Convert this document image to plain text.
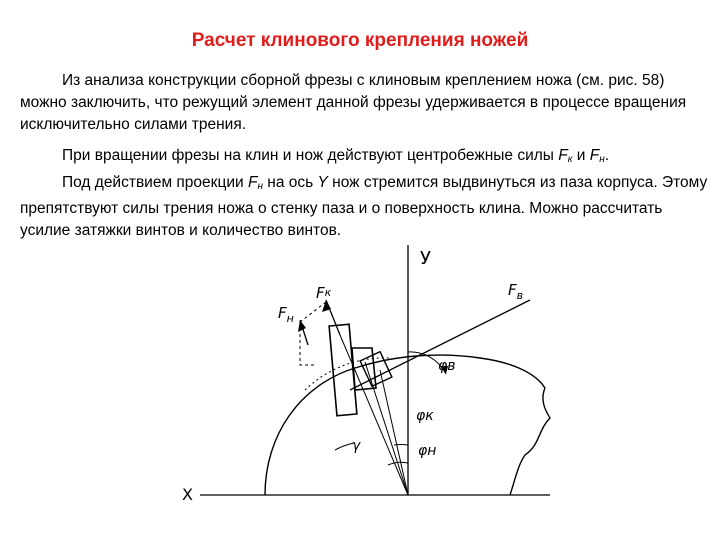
Расчет клинового крепления ножей
Из анализа конструкции сборной фрезы с клиновым креплением ножа (см. рис. 58) можно заключить, что режущий элемент данной фрезы удерживается в процессе вращения исключительно силами трения.
При вращении фрезы на клин и нож действуют центробежные силы $F_к$ и $F_н$.
Под действием проекции $F_н$ на ось Y нож стремится выдвинуться из паза корпуса. Этому препятствуют силы трения ножа о стенку паза и о поверхность клина. Можно рассчитать усилие затяжки винтов и количество винтов.
У
X
Fк
$F_н$
$F_в$
φв
φк
φн
γ
